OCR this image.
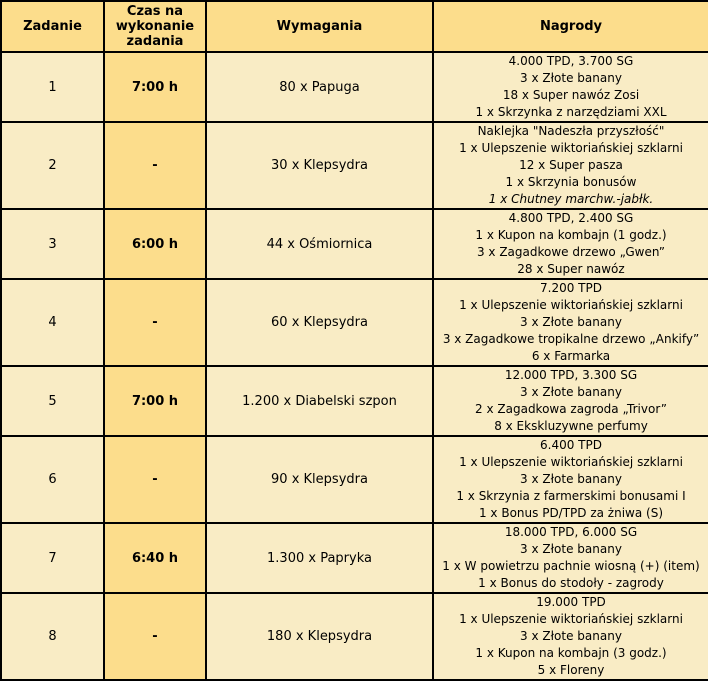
Zadanie	Czas na wykonanie zadania	Wymagania	Nagrody
1	7:00 h	80 x Papuga	4.000 TPD, 3.700 SG
3 x Złote banany
18 x Super nawóz Zosi
1 x Skrzynka z narzędziami XXL

2	-	30 x Klepsydra	Naklejka "Nadeszła przyszłość"
1 x Ulepszenie wiktoriańskiej szklarni
12 x Super pasza
1 x Skrzynia bonusów
1 x Chutney marchw.-jabłk.

3	6:00 h	44 x Ośmiornica	4.800 TPD, 2.400 SG
1 x Kupon na kombajn (1 godz.)
3 x Zagadkowe drzewo „Gwen”
28 x Super nawóz

4	-	60 x Klepsydra	7.200 TPD
1 x Ulepszenie wiktoriańskiej szklarni
3 x Złote banany
3 x Zagadkowe tropikalne drzewo „Ankify”
6 x Farmarka

5	7:00 h	1.200 x Diabelski szpon	12.000 TPD, 3.300 SG
3 x Złote banany
2 x Zagadkowa zagroda „Trivor”
8 x Ekskluzywne perfumy

6	-	90 x Klepsydra	6.400 TPD
1 x Ulepszenie wiktoriańskiej szklarni
3 x Złote banany
1 x Skrzynia z farmerskimi bonusami I
1 x Bonus PD/TPD za żniwa (S)

7	6:40 h	1.300 x Papryka	18.000 TPD, 6.000 SG
3 x Złote banany
1 x W powietrzu pachnie wiosną (+) (item)
1 x Bonus do stodoły - zagrody

8	-	180 x Klepsydra	19.000 TPD
1 x Ulepszenie wiktoriańskiej szklarni
3 x Złote banany
1 x Kupon na kombajn (3 godz.)
5 x Floreny
